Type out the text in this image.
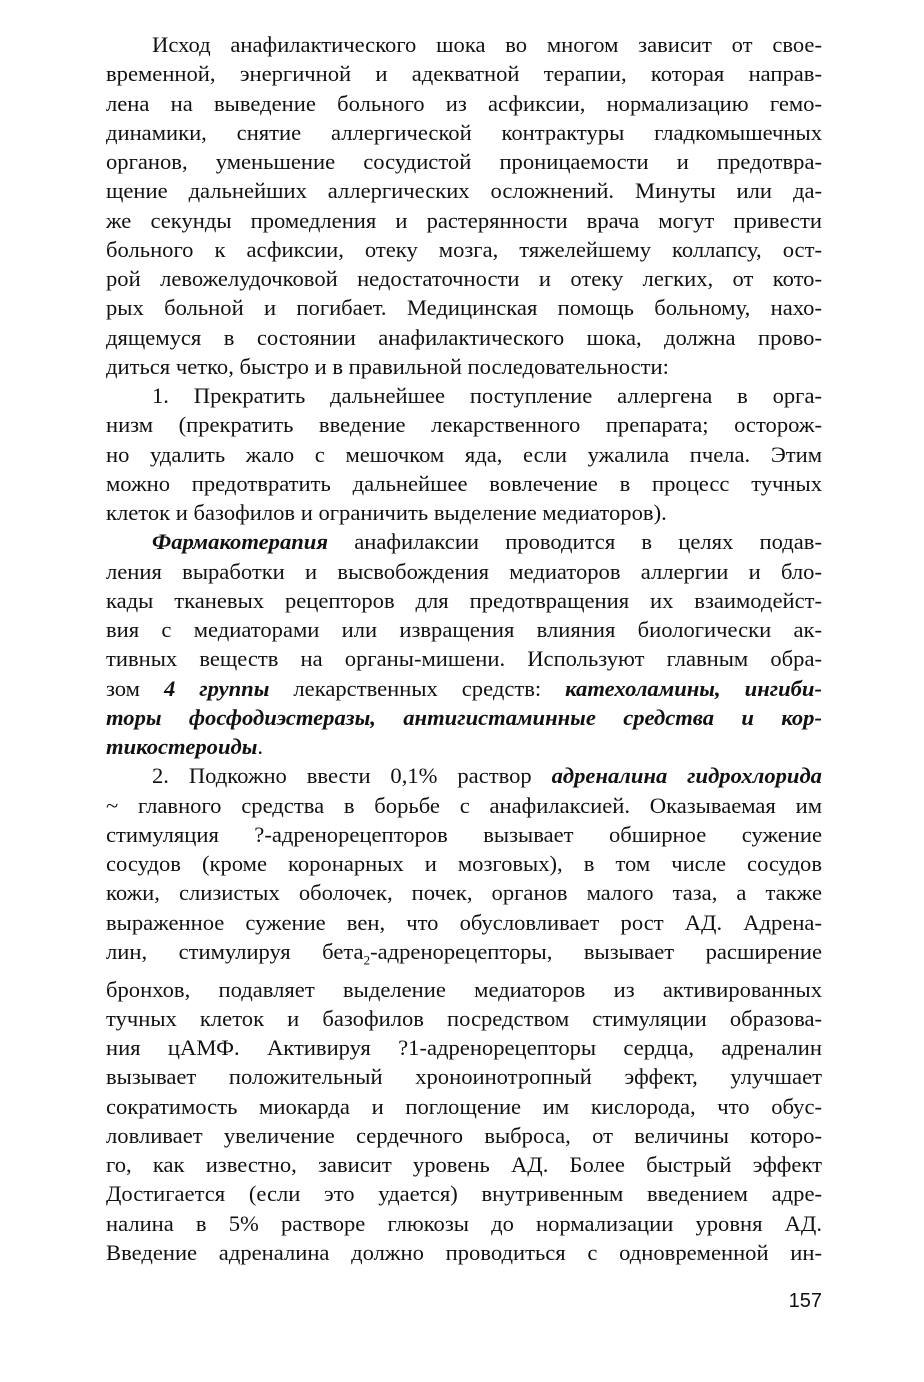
Исход анафилактического шока во многом зависит от свое-
временной, энергичной и адекватной терапии, которая направ-
лена на выведение больного из асфиксии, нормализацию гемо-
динамики, снятие аллергической контрактуры гладкомышечных
органов, уменьшение сосудистой проницаемости и предотвра-
щение дальнейших аллергических осложнений. Минуты или да-
же секунды промедления и растерянности врача могут привести
больного к асфиксии, отеку мозга, тяжелейшему коллапсу, ост-
рой левожелудочковой недостаточности и отеку легких, от кото-
рых больной и погибает. Медицинская помощь больному, нахо-
дящемуся в состоянии анафилактического шока, должна прово-
диться четко, быстро и в правильной последовательности:
1. Прекратить дальнейшее поступление аллергена в орга-
низм (прекратить введение лекарственного препарата; осторож-
но удалить жало с мешочком яда, если ужалила пчела. Этим
можно предотвратить дальнейшее вовлечение в процесс тучных
клеток и базофилов и ограничить выделение медиаторов).
Фармакотерапия анафилаксии проводится в целях подав-
ления выработки и высвобождения медиаторов аллергии и бло-
кады тканевых рецепторов для предотвращения их взаимодейст-
вия с медиаторами или извращения влияния биологически ак-
тивных веществ на органы-мишени. Используют главным обра-
зом 4 группы лекарственных средств: катехоламины, ингиби-
торы фосфодиэстеразы, антигистаминные средства и кор-
тикостероиды.
2. Подкожно ввести 0,1% раствор адреналина гидрохлорида
~ главного средства в борьбе с анафилаксией. Оказываемая им
стимуляция ?-адренорецепторов вызывает обширное сужение
сосудов (кроме коронарных и мозговых), в том числе сосудов
кожи, слизистых оболочек, почек, органов малого таза, а также
выраженное сужение вен, что обусловливает рост АД. Адрена-
лин, стимулируя бета$_2$-адренорецепторы, вызывает расширение
бронхов, подавляет выделение медиаторов из активированных
тучных клеток и базофилов посредством стимуляции образова-
ния цАМФ. Активируя ?1-адренорецепторы сердца, адреналин
вызывает положительный хроноинотропный эффект, улучшает
сократимость миокарда и поглощение им кислорода, что обус-
ловливает увеличение сердечного выброса, от величины которо-
го, как известно, зависит уровень АД. Более быстрый эффект
Достигается (если это удается) внутривенным введением адре-
налина в 5% растворе глюкозы до нормализации уровня АД.
Введение адреналина должно проводиться с одновременной ин-
157
